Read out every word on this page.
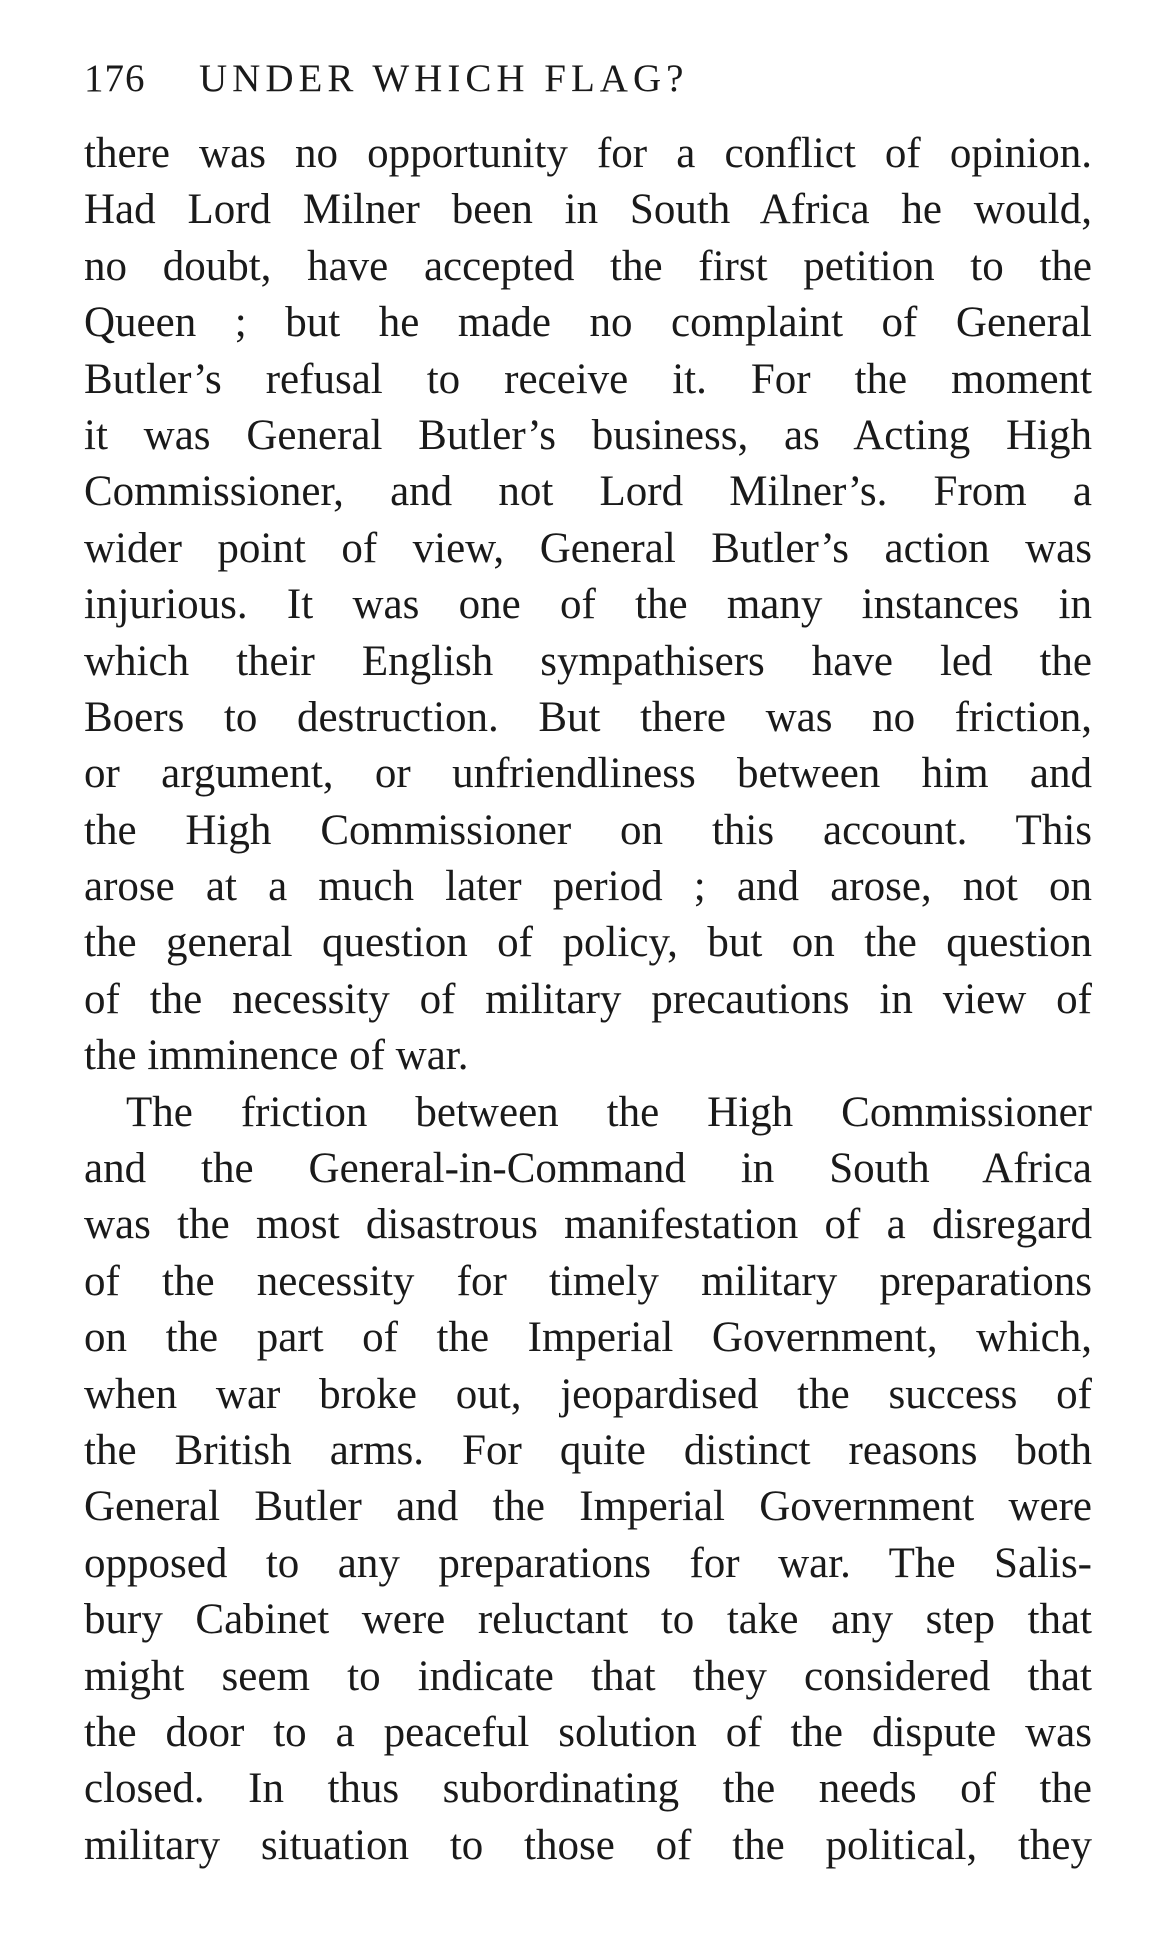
176	UNDER WHICH FLAG?
there was no opportunity for a conflict of opinion.
Had Lord Milner been in South Africa he would,
no doubt, have accepted the first petition to the
Queen ; but he made no complaint of General
Butler’s refusal to receive it. For the moment
it was General Butler’s business, as Acting High
Commissioner, and not Lord Milner’s. From a
wider point of view, General Butler’s action was
injurious. It was one of the many instances in
which their English sympathisers have led the
Boers to destruction. But there was no friction,
or argument, or unfriendliness between him and
the High Commissioner on this account. This
arose at a much later period ; and arose, not on
the general question of policy, but on the question
of the necessity of military precautions in view of
the imminence of war.
The friction between the High Commissioner
and the General-in-Command in South Africa
was the most disastrous manifestation of a disregard
of the necessity for timely military preparations
on the part of the Imperial Government, which,
when war broke out, jeopardised the success of
the British arms. For quite distinct reasons both
General Butler and the Imperial Government were
opposed to any preparations for war. The Salis-
bury Cabinet were reluctant to take any step that
might seem to indicate that they considered that
the door to a peaceful solution of the dispute was
closed. In thus subordinating the needs of the
military situation to those of the political, they
